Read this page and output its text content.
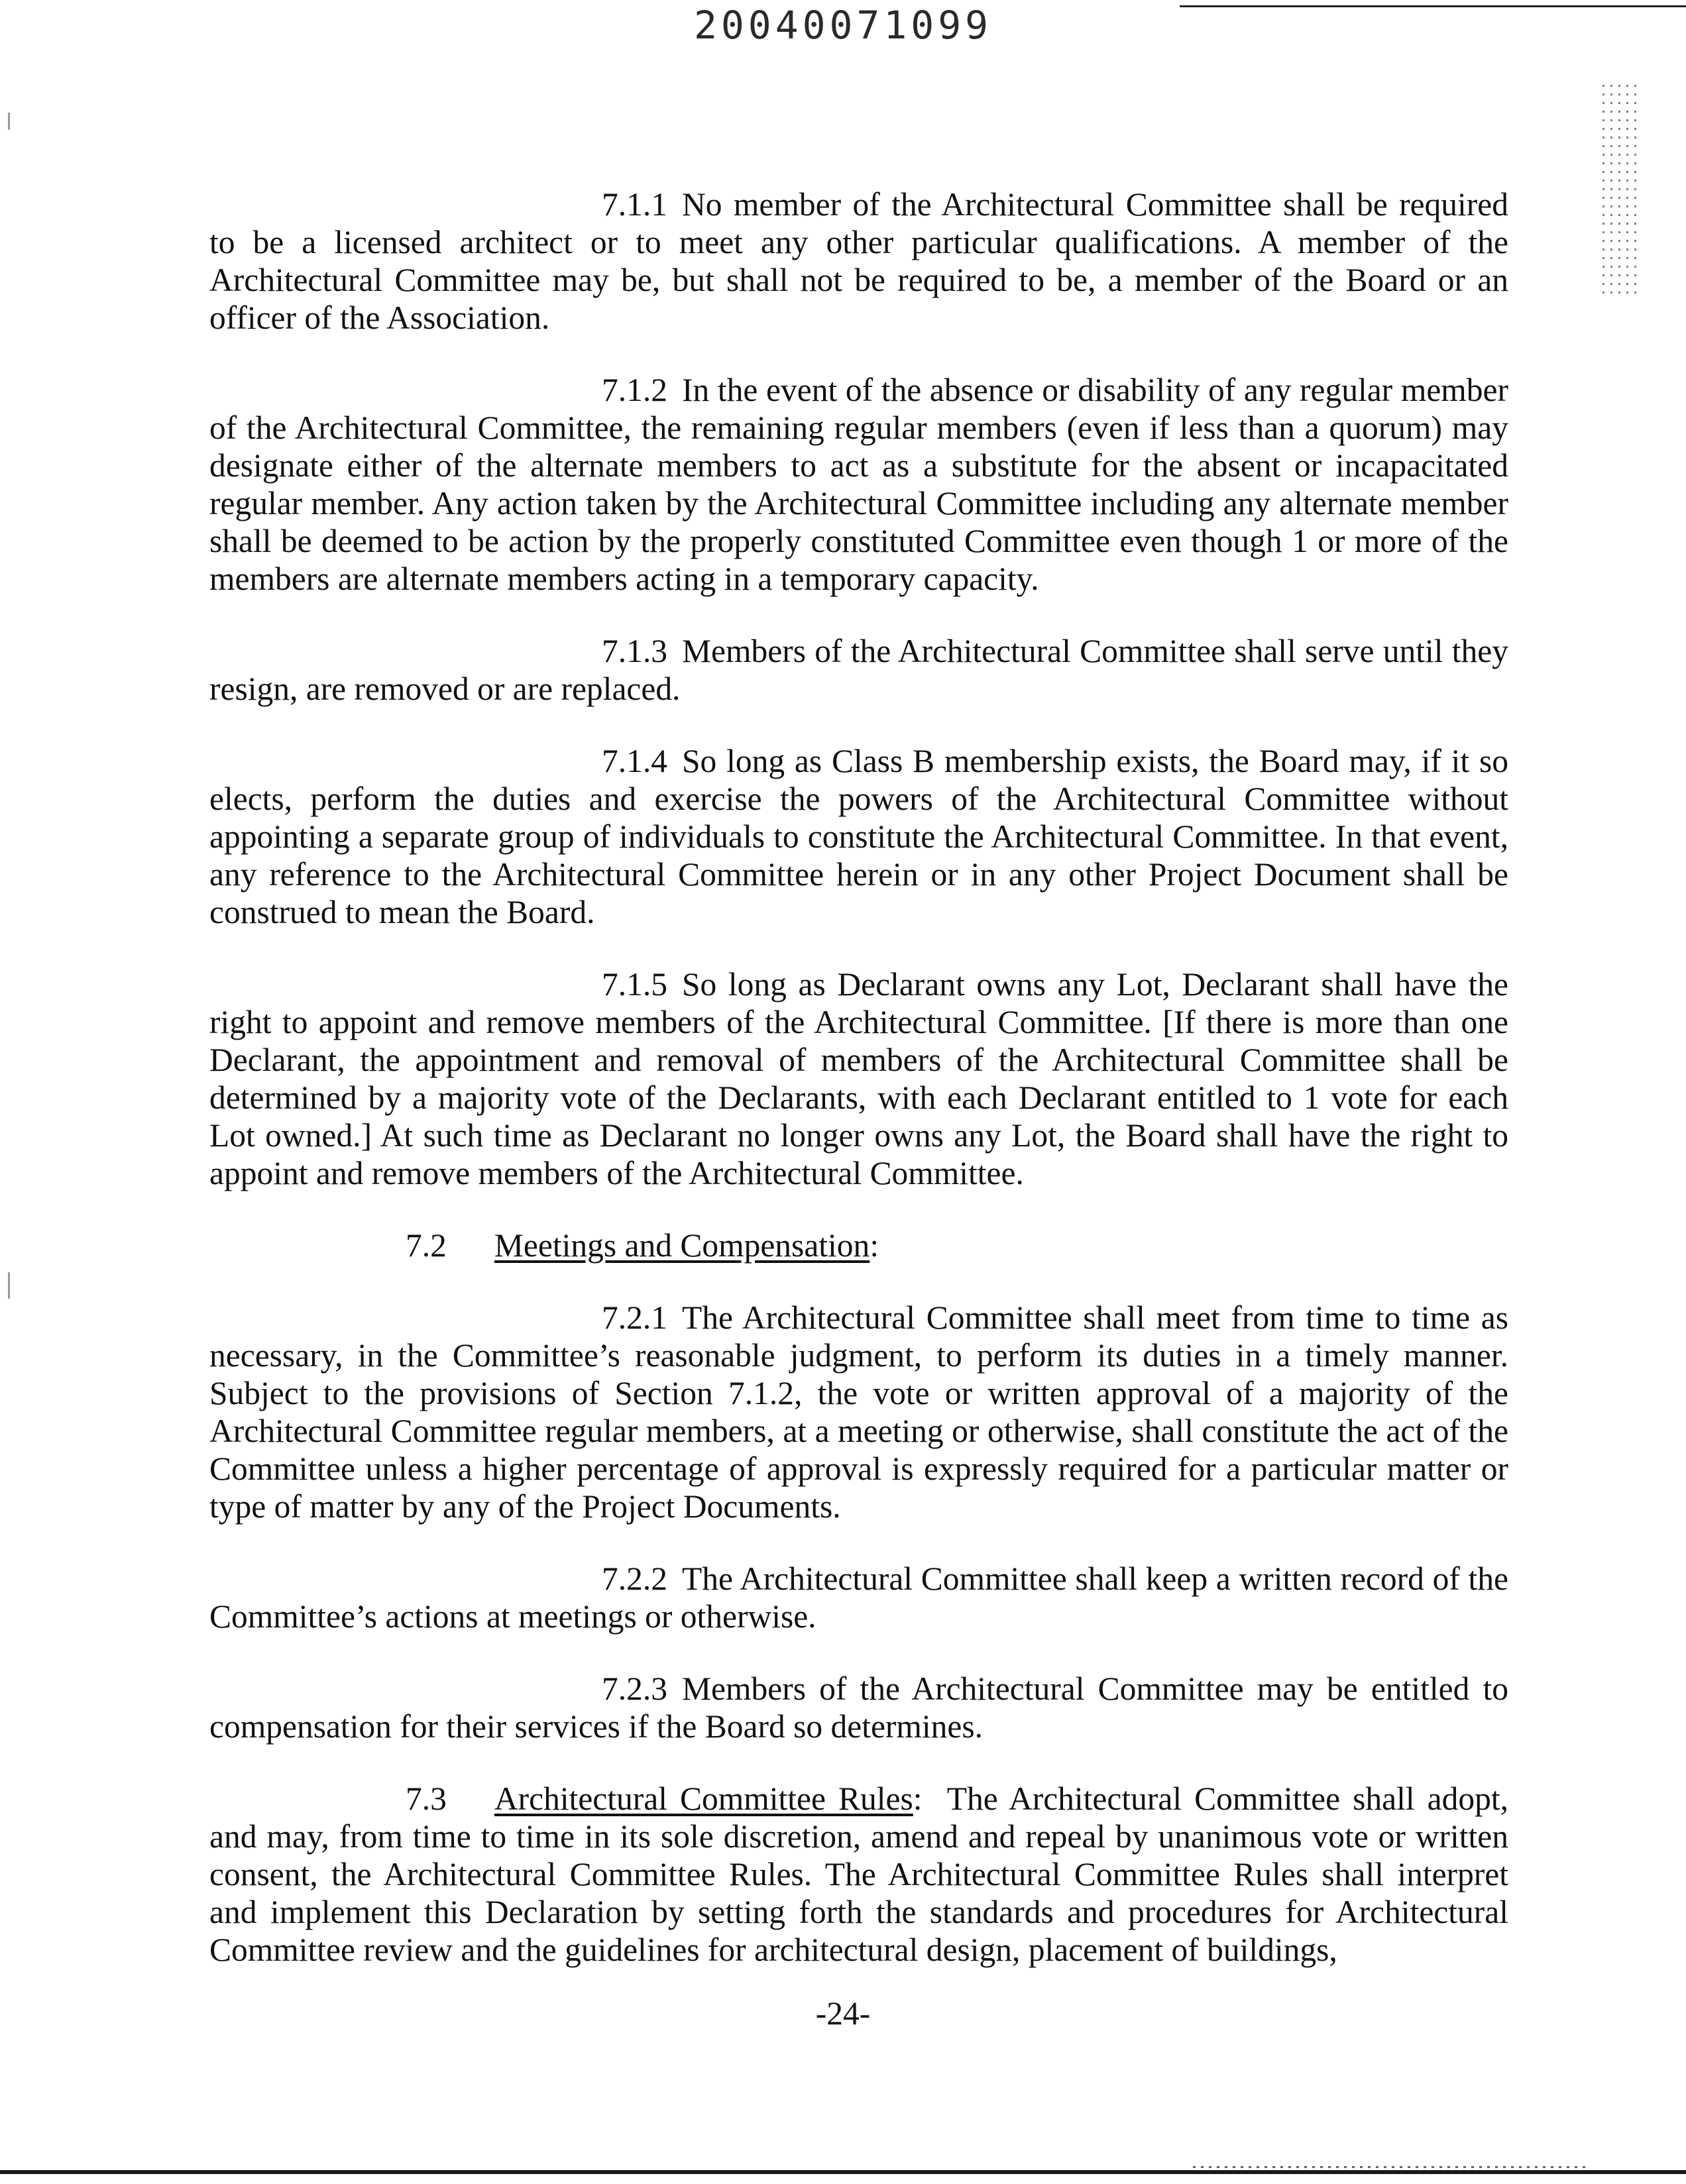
20040071099

7.1.1 No member of the Architectural Committee shall be required to be a licensed architect or to meet any other particular qualifications. A member of the Architectural Committee may be, but shall not be required to be, a member of the Board or an officer of the Association.

7.1.2 In the event of the absence or disability of any regular member of the Architectural Committee, the remaining regular members (even if less than a quorum) may designate either of the alternate members to act as a substitute for the absent or incapacitated regular member. Any action taken by the Architectural Committee including any alternate member shall be deemed to be action by the properly constituted Committee even though 1 or more of the members are alternate members acting in a temporary capacity.

7.1.3 Members of the Architectural Committee shall serve until they resign, are removed or are replaced.

7.1.4 So long as Class B membership exists, the Board may, if it so elects, perform the duties and exercise the powers of the Architectural Committee without appointing a separate group of individuals to constitute the Architectural Committee. In that event, any reference to the Architectural Committee herein or in any other Project Document shall be construed to mean the Board.

7.1.5 So long as Declarant owns any Lot, Declarant shall have the right to appoint and remove members of the Architectural Committee. [If there is more than one Declarant, the appointment and removal of members of the Architectural Committee shall be determined by a majority vote of the Declarants, with each Declarant entitled to 1 vote for each Lot owned.] At such time as Declarant no longer owns any Lot, the Board shall have the right to appoint and remove members of the Architectural Committee.

7.2 Meetings and Compensation:

7.2.1 The Architectural Committee shall meet from time to time as necessary, in the Committee’s reasonable judgment, to perform its duties in a timely manner. Subject to the provisions of Section 7.1.2, the vote or written approval of a majority of the Architectural Committee regular members, at a meeting or otherwise, shall constitute the act of the Committee unless a higher percentage of approval is expressly required for a particular matter or type of matter by any of the Project Documents.

7.2.2 The Architectural Committee shall keep a written record of the Committee’s actions at meetings or otherwise.

7.2.3 Members of the Architectural Committee may be entitled to compensation for their services if the Board so determines.

7.3 Architectural Committee Rules:  The Architectural Committee shall adopt, and may, from time to time in its sole discretion, amend and repeal by unanimous vote or written consent, the Architectural Committee Rules. The Architectural Committee Rules shall interpret and implement this Declaration by setting forth the standards and procedures for Architectural Committee review and the guidelines for architectural design, placement of buildings,

-24-
